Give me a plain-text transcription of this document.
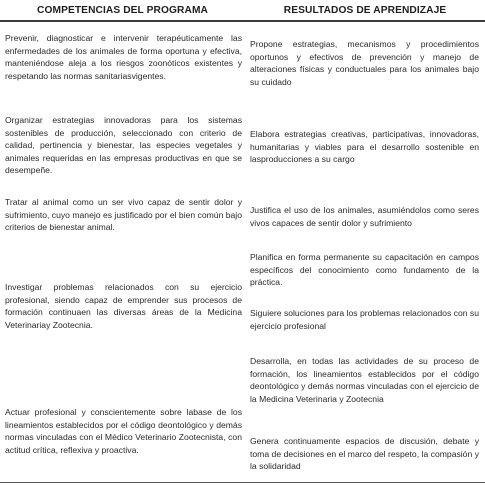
COMPETENCIAS DEL PROGRAMA	RESULTADOS DE APRENDIZAJE
Prevenir, diagnosticar e intervenir terapéuticamente las enfermedades de los animales de forma oportuna y efectiva, manteniéndose aleja a los riesgos zoonóticos existentes y respetando las normas sanitariasvigentes.
Propone estrategias, mecanismos y procedimientos oportunos y efectivos de prevención y manejo de alteraciones físicas y conductuales para los animales bajo su cuidado
Organizar estrategias innovadoras para los sistemas sostenibles de producción, seleccionado con criterio de calidad, pertinencia y bienestar, las especies vegetales y animales requeridas en las empresas productivas en que se desempeñe.
Elabora estrategias creativas, participativas, innovadoras, humanitarias y viables para el desarrollo sostenible en lasproducciones a su cargo
Tratar al animal como un ser vivo capaz de sentir dolor y sufrimiento, cuyo manejo es justificado por el bien común bajo criterios de bienestar animal.
Justifica el uso de los animales, asumiéndolos como seres vivos capaces de sentir dolor y sufrimiento
Planifica en forma permanente su capacitación en campos específicos del conocimiento como fundamento de la práctica.
Investigar problemas relacionados con su ejercicio profesional, siendo capaz de emprender sus procesos de formación continuaen las diversas áreas de la Medicina Veterinariay Zootecnia.
Siguiere soluciones para los problemas relacionados con su ejercicio profesional
Desarrolla, en todas las actividades de su proceso de formación, los lineamientos establecidos por el código deontológico y demás normas vinculadas con el ejercicio de la Medicina Veterinaria y Zootecnia
Actuar profesional y conscientemente sobre labase de los lineamientos establecidos por el código deontológico y demás normas vinculadas con el Médico Veterinario Zootecnista, con actitud crítica, reflexiva y proactiva.
Genera continuamente espacios de discusión, debate y toma de decisiones en el marco del respeto, la compasión y la solidaridad
